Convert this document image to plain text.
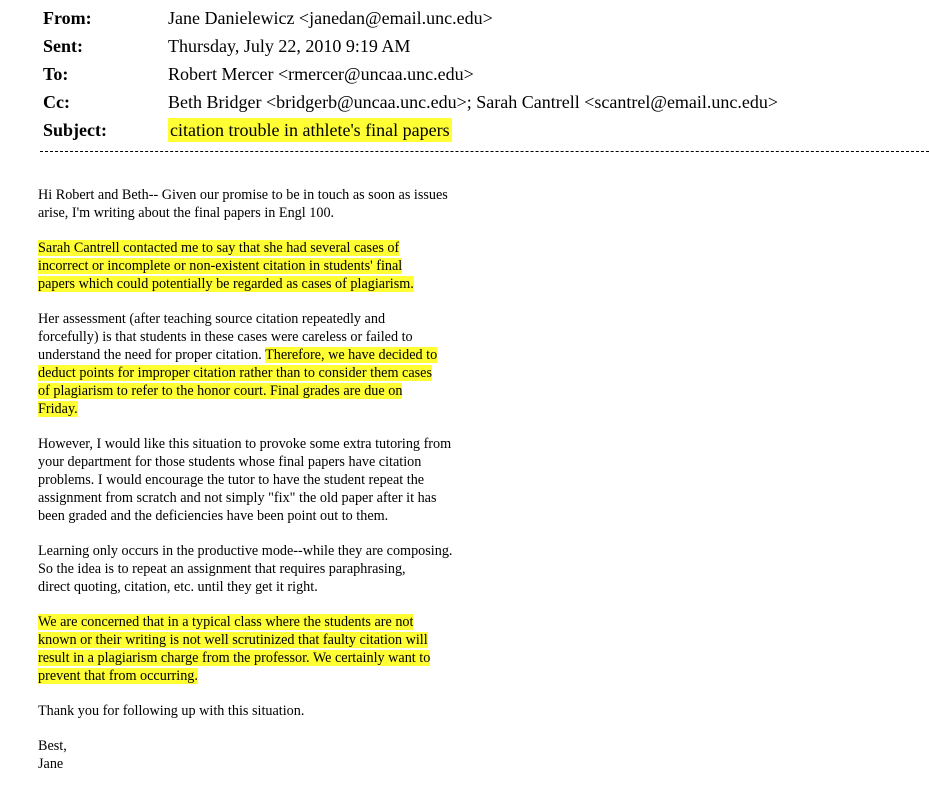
From:	Jane Danielewicz <janedan@email.unc.edu>
Sent:	Thursday, July 22, 2010 9:19 AM
To:	Robert Mercer <rmercer@uncaa.unc.edu>
Cc:	Beth Bridger <bridgerb@uncaa.unc.edu>; Sarah Cantrell <scantrel@email.unc.edu>
Subject:	citation trouble in athlete's final papers

Hi Robert and Beth-- Given our promise to be in touch as soon as issues
arise, I'm writing about the final papers in Engl 100.

Sarah Cantrell contacted me to say that she had several cases of
incorrect or incomplete or non-existent citation in students' final
papers which could potentially be regarded as cases of plagiarism.

Her assessment (after teaching source citation repeatedly and
forcefully) is that students in these cases were careless or failed to
understand the need for proper citation. Therefore, we have decided to
deduct points for improper citation rather than to consider them cases
of plagiarism to refer to the honor court. Final grades are due on
Friday.

However, I would like this situation to provoke some extra tutoring from
your department for those students whose final papers have citation
problems. I would encourage the tutor to have the student repeat the
assignment from scratch and not simply "fix" the old paper after it has
been graded and the deficiencies have been point out to them.

Learning only occurs in the productive mode--while they are composing.
So the idea is to repeat an assignment that requires paraphrasing,
direct quoting, citation, etc. until they get it right.

We are concerned that in a typical class where the students are not
known or their writing is not well scrutinized that faulty citation will
result in a plagiarism charge from the professor. We certainly want to
prevent that from occurring.

Thank you for following up with this situation.

Best,
Jane
